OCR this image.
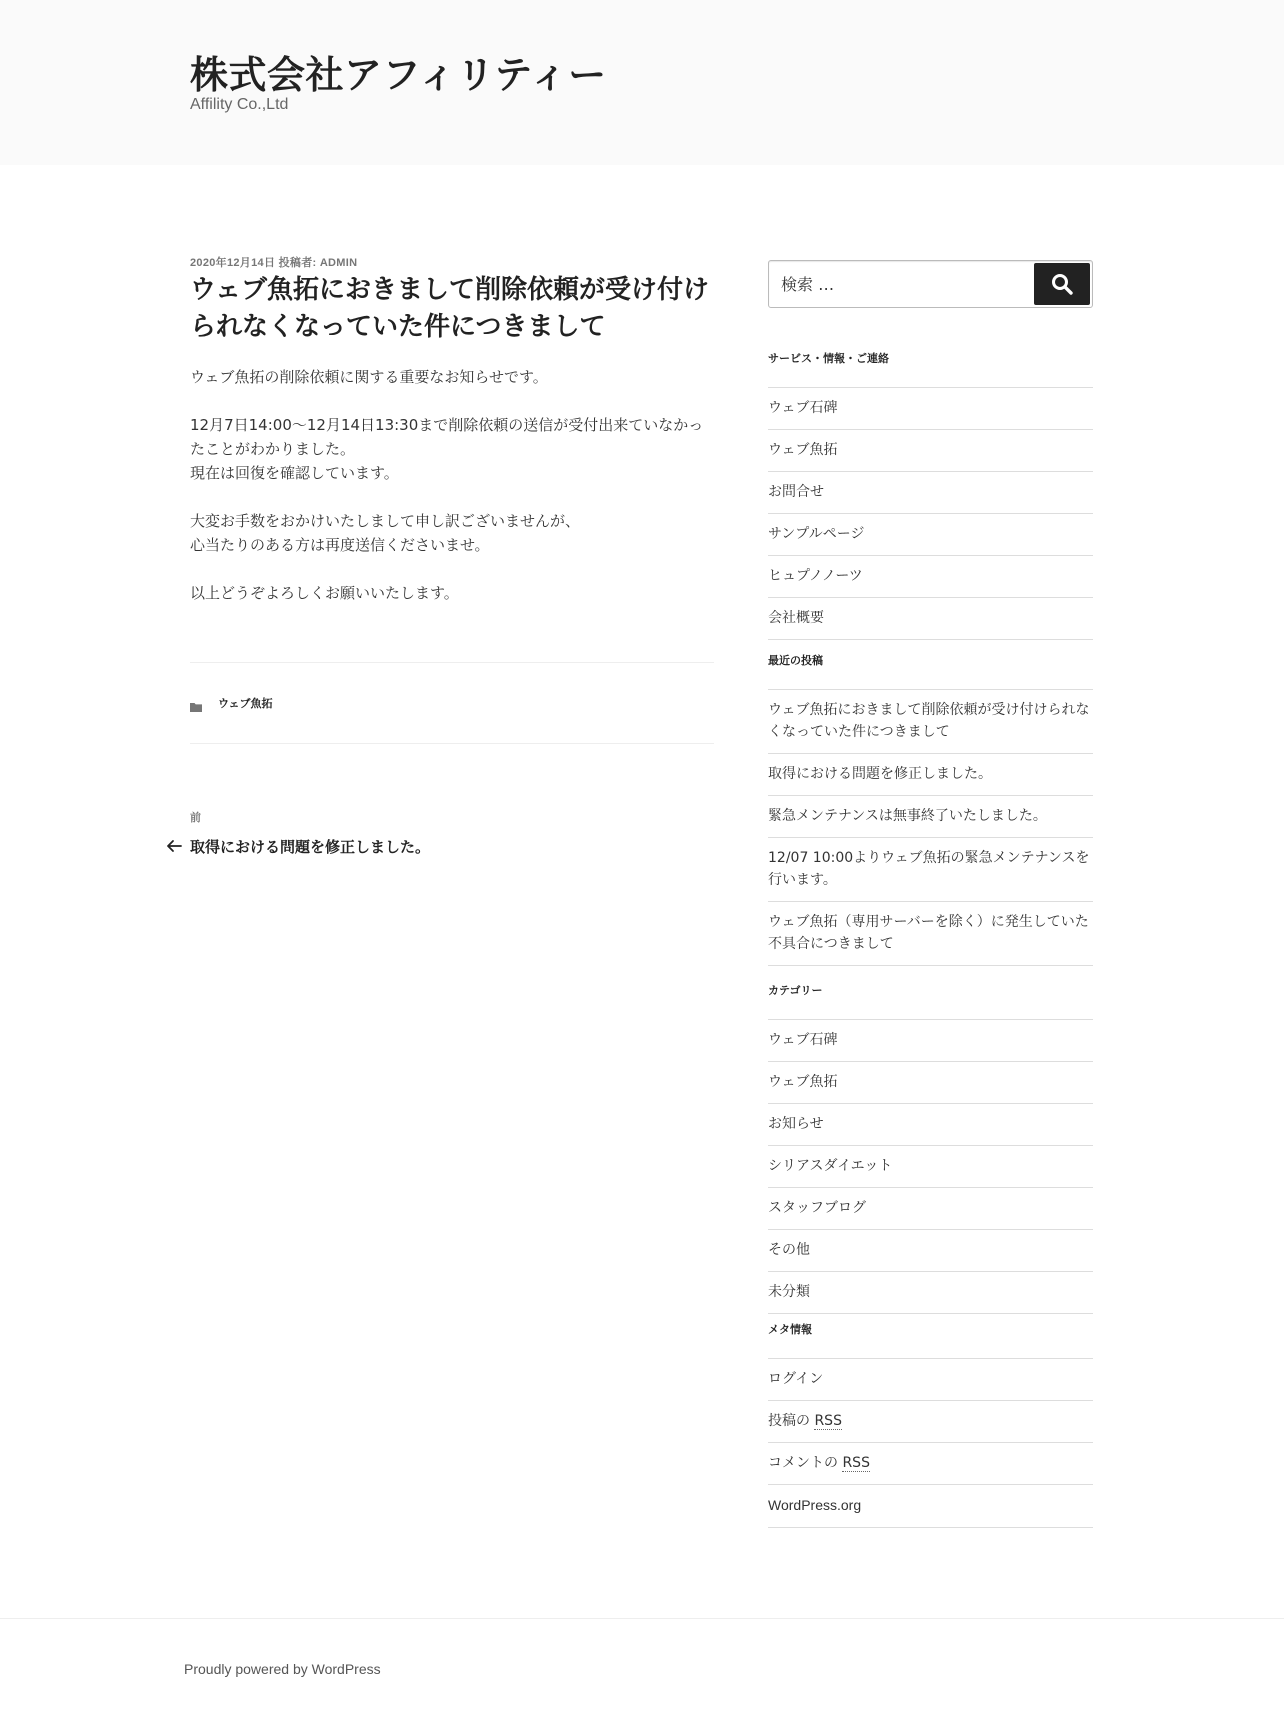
株式会社アフィリティー
Affility Co.,Ltd
2020年12月14日 投稿者: ADMIN
ウェブ魚拓におきまして削除依頼が受け付けられなくなっていた件につきまして

ウェブ魚拓の削除依頼に関する重要なお知らせです。

12月7日14:00～12月14日13:30まで削除依頼の送信が受付出来ていなかったことがわかりました。
現在は回復を確認しています。

大変お手数をおかけいたしまして申し訳ございませんが、
心当たりのある方は再度送信くださいませ。

以上どうぞよろしくお願いいたします。

ウェブ魚拓
前
取得における問題を修正しました。
検索 …
サービス・情報・ご連絡
ウェブ石碑
ウェブ魚拓
お問合せ
サンプルページ
ヒュプノノーツ
会社概要
最近の投稿
ウェブ魚拓におきまして削除依頼が受け付けられなくなっていた件につきまして
取得における問題を修正しました。
緊急メンテナンスは無事終了いたしました。
12/07 10:00よりウェブ魚拓の緊急メンテナンスを行います。
ウェブ魚拓（専用サーバーを除く）に発生していた不具合につきまして
カテゴリー
ウェブ石碑
ウェブ魚拓
お知らせ
シリアスダイエット
スタッフブログ
その他
未分類
メタ情報
ログイン
投稿の RSS
コメントの RSS
WordPress.org
Proudly powered by WordPress
